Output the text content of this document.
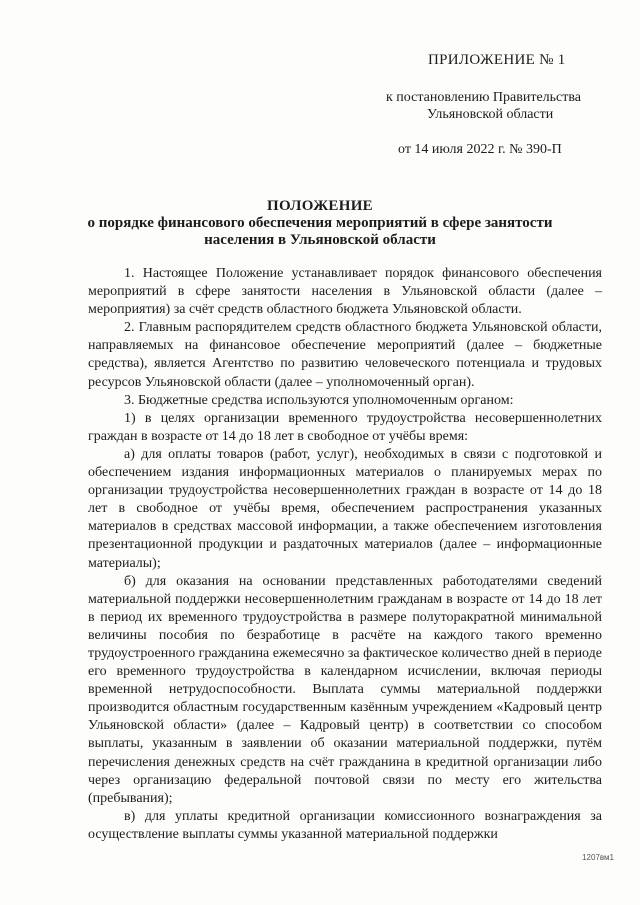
ПРИЛОЖЕНИЕ № 1
к постановлению Правительства
Ульяновской области
от 14 июля 2022 г. № 390-П
ПОЛОЖЕНИЕ
о порядке финансового обеспечения мероприятий в сфере занятости
населения в Ульяновской области

1. Настоящее Положение устанавливает порядок финансового обеспечения мероприятий в сфере занятости населения в Ульяновской области (далее – мероприятия) за счёт средств областного бюджета Ульяновской области.

2. Главным распорядителем средств областного бюджета Ульяновской области, направляемых на финансовое обеспечение мероприятий (далее – бюджетные средства), является Агентство по развитию человеческого потенциала и трудовых ресурсов Ульяновской области (далее – уполномоченный орган).

3. Бюджетные средства используются уполномоченным органом:

1) в целях организации временного трудоустройства несовершеннолетних граждан в возрасте от 14 до 18 лет в свободное от учёбы время:

а) для оплаты товаров (работ, услуг), необходимых в связи с подготовкой и обеспечением издания информационных материалов о планируемых мерах по организации трудоустройства несовершеннолетних граждан в возрасте от 14 до 18 лет в свободное от учёбы время, обеспечением распространения указанных материалов в средствах массовой информации, а также обеспечением изготовления презентационной продукции и раздаточных материалов (далее – информационные материалы);

б) для оказания на основании представленных работодателями сведений материальной поддержки несовершеннолетним гражданам в возрасте от 14 до 18 лет в период их временного трудоустройства в размере полуторакратной минимальной величины пособия по безработице в расчёте на каждого такого временно трудоустроенного гражданина ежемесячно за фактическое количество дней в периоде его временного трудоустройства в календарном исчислении, включая периоды временной нетрудоспособности. Выплата суммы материальной поддержки производится областным государственным казённым учреждением «Кадровый центр Ульяновской области» (далее – Кадровый центр) в соответствии со способом выплаты, указанным в заявлении об оказании материальной поддержки, путём перечисления денежных средств на счёт гражданина в кредитной организации либо через организацию федеральной почтовой связи по месту его жительства (пребывания);

в) для уплаты кредитной организации комиссионного вознаграждения за осуществление выплаты суммы указанной материальной поддержки

1207вм1
